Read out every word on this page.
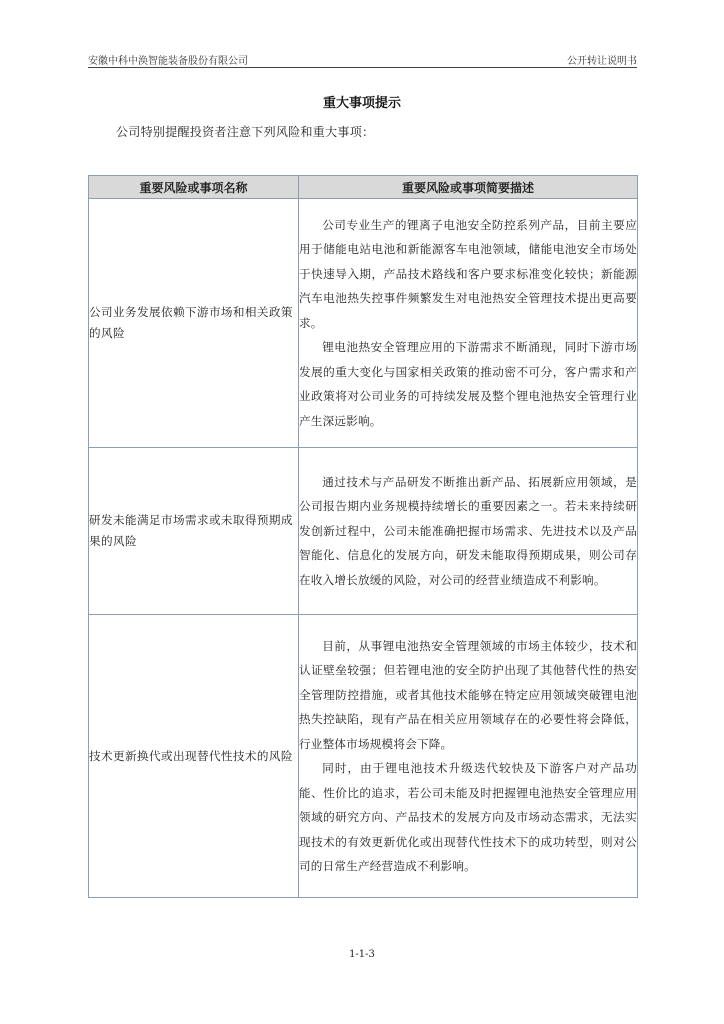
安徽中科中涣智能装备股份有限公司	公开转让说明书
重大事项提示
公司特别提醒投资者注意下列风险和重大事项：
重要风险或事项名称	重要风险或事项简要描述
公司业务发展依赖下游市场和相关政策的风险	公司专业生产的锂离子电池安全防控系列产品，目前主要应用于储能电站电池和新能源客车电池领域，储能电池安全市场处于快速导入期，产品技术路线和客户要求标准变化较快；新能源汽车电池热失控事件频繁发生对电池热安全管理技术提出更高要求。

锂电池热安全管理应用的下游需求不断涌现，同时下游市场发展的重大变化与国家相关政策的推动密不可分，客户需求和产业政策将对公司业务的可持续发展及整个锂电池热安全管理行业产生深远影响。

研发未能满足市场需求或未取得预期成果的风险	通过技术与产品研发不断推出新产品、拓展新应用领域，是公司报告期内业务规模持续增长的重要因素之一。若未来持续研发创新过程中，公司未能准确把握市场需求、先进技术以及产品智能化、信息化的发展方向，研发未能取得预期成果，则公司存在收入增长放缓的风险，对公司的经营业绩造成不利影响。

技术更新换代或出现替代性技术的风险	目前，从事锂电池热安全管理领域的市场主体较少，技术和认证壁垒较强；但若锂电池的安全防护出现了其他替代性的热安全管理防控措施，或者其他技术能够在特定应用领域突破锂电池热失控缺陷，现有产品在相关应用领域存在的必要性将会降低，行业整体市场规模将会下降。

同时，由于锂电池技术升级迭代较快及下游客户对产品功能、性价比的追求，若公司未能及时把握锂电池热安全管理应用领域的研究方向、产品技术的发展方向及市场动态需求，无法实现技术的有效更新优化或出现替代性技术下的成功转型，则对公司的日常生产经营造成不利影响。

1-1-3
